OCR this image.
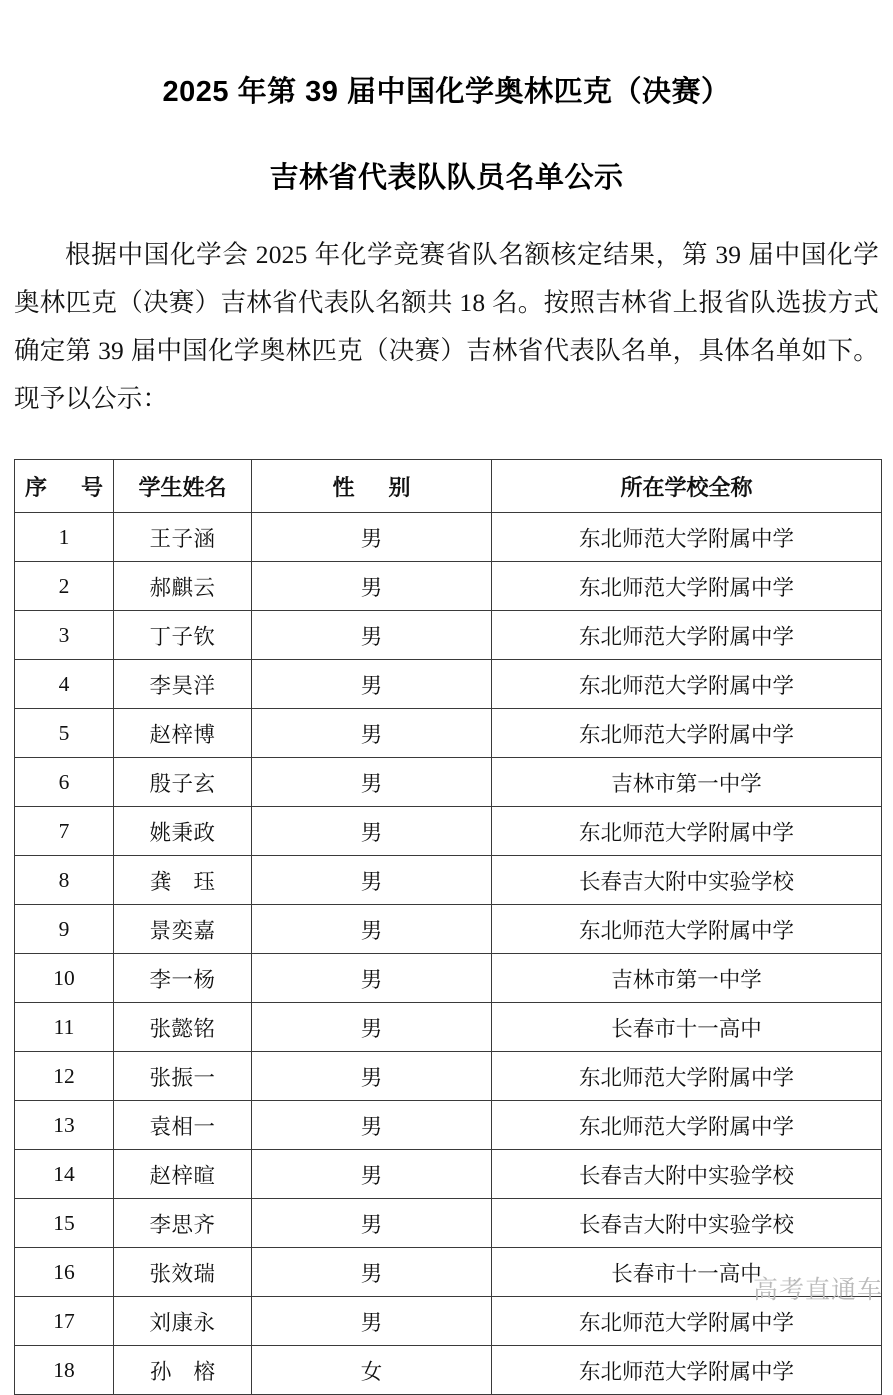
2025 年第 39 届中国化学奥林匹克（决赛）
吉林省代表队队员名单公示

根据中国化学会 2025 年化学竞赛省队名额核定结果，第 39 届中国化学奥林匹克（决赛）吉林省代表队名额共 18 名。按照吉林省上报省队选拔方式确定第 39 届中国化学奥林匹克（决赛）吉林省代表队名单，具体名单如下。现予以公示：

序 号	学生姓名	性 别	所在学校全称
1	王子涵	男	东北师范大学附属中学
2	郝麒云	男	东北师范大学附属中学
3	丁子钦	男	东北师范大学附属中学
4	李昊洋	男	东北师范大学附属中学
5	赵梓博	男	东北师范大学附属中学
6	殷子玄	男	吉林市第一中学
7	姚秉政	男	东北师范大学附属中学
8	龚珏	男	长春吉大附中实验学校
9	景奕嘉	男	东北师范大学附属中学
10	李一杨	男	吉林市第一中学
11	张懿铭	男	长春市十一高中
12	张振一	男	东北师范大学附属中学
13	袁相一	男	东北师范大学附属中学
14	赵梓暄	男	长春吉大附中实验学校
15	李思齐	男	长春吉大附中实验学校
16	张效瑞	男	长春市十一高中
17	刘康永	男	东北师范大学附属中学
18	孙榕	女	东北师范大学附属中学
高考直通车
